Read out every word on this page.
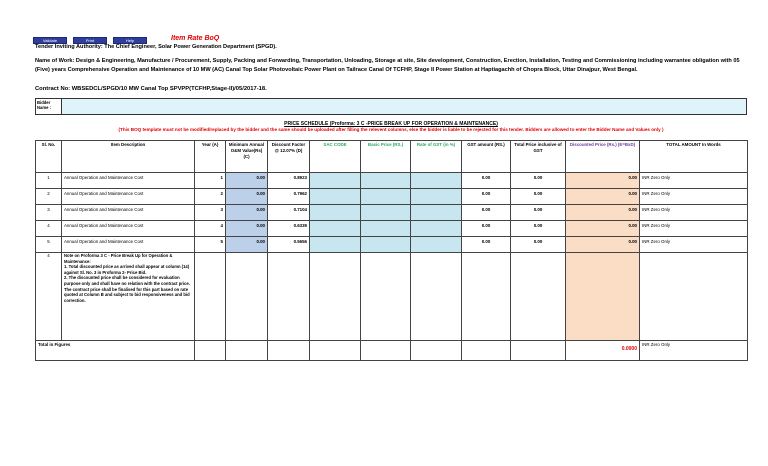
Validate	Print	Help	Item Rate BoQ
Tender Inviting Authority: The Chief Engineer, Solar Power Generation Department (SPGD).
Name of Work: Design & Engineering, Manufacture / Procurement, Supply, Packing and Forwarding, Transportation, Unloading, Storage at site, Site development, Construction, Erection, Installation, Testing and Commissioning including warrantee obligation with 05 (Five) years Comprehensive Operation and Maintenance of 10 MW (AC) Canal Top Solar Photovoltaic Power Plant on Tailrace Canal Of TCFHP, Stage II Power Station at Haptiagachh of Chopra Block, Uttar Dinajpur, West Bengal.
Contract No: WBSEDCL/SPGD/10 MW Canal Top SPVPP(TCFHP,Stage-II)/05/2017-18.
Bidder Name :
PRICE SCHEDULE (Proforma: 3 C -PRICE BREAK UP FOR OPERATION & MAINTENANCE)
(This BOQ template must not be modified/replaced by the bidder and the same should be uploaded after filling the relevent columns, else the bidder is liable to be rejected for this tender. Bidders are allowed to enter the Bidder Name and Values only )
Sl. No.	Item Description	Year (A)	Minimum Annual O&M Value(Rs) (C)	Discount Factor @ 12.07% (D)	SAC CODE	Basic Price (RS.)	Rate of GST (in %)	GST amount (RS.)	Total Price inclusive of GST	Discounted Price (Rs.) (E=BxD)	TOTAL AMOUNT In Words
1	Annual Operation and Maintenance Cost	1	0.00	0.8923				0.00	0.00	0.00	INR Zero Only
2	Annual Operation and Maintenance Cost	2	0.00	0.7962				0.00	0.00	0.00	INR Zero Only
3	Annual Operation and Maintenance Cost	3	0.00	0.7104				0.00	0.00	0.00	INR Zero Only
4	Annual Operation and Maintenance Cost	4	0.00	0.6339				0.00	0.00	0.00	INR Zero Only
5	Annual Operation and Maintenance Cost	5	0.00	0.5656				0.00	0.00	0.00	INR Zero Only
4	Note on Proforma 3 C - Price Break Up for Operation & Maintenance:
1. Total discounted price as arrived shall appear at column (14) against Sl. No. 3 in Proforma 2- Price Bid.
2. The discounted price shall be considered for evaluation purpose only and shall have no relation with the contract price. The contract price shall be finalised for this part based on rate quoted at Column B and subject to bid responsiveness and bid correction.										

Total in Figures										0.0000	INR Zero Only
